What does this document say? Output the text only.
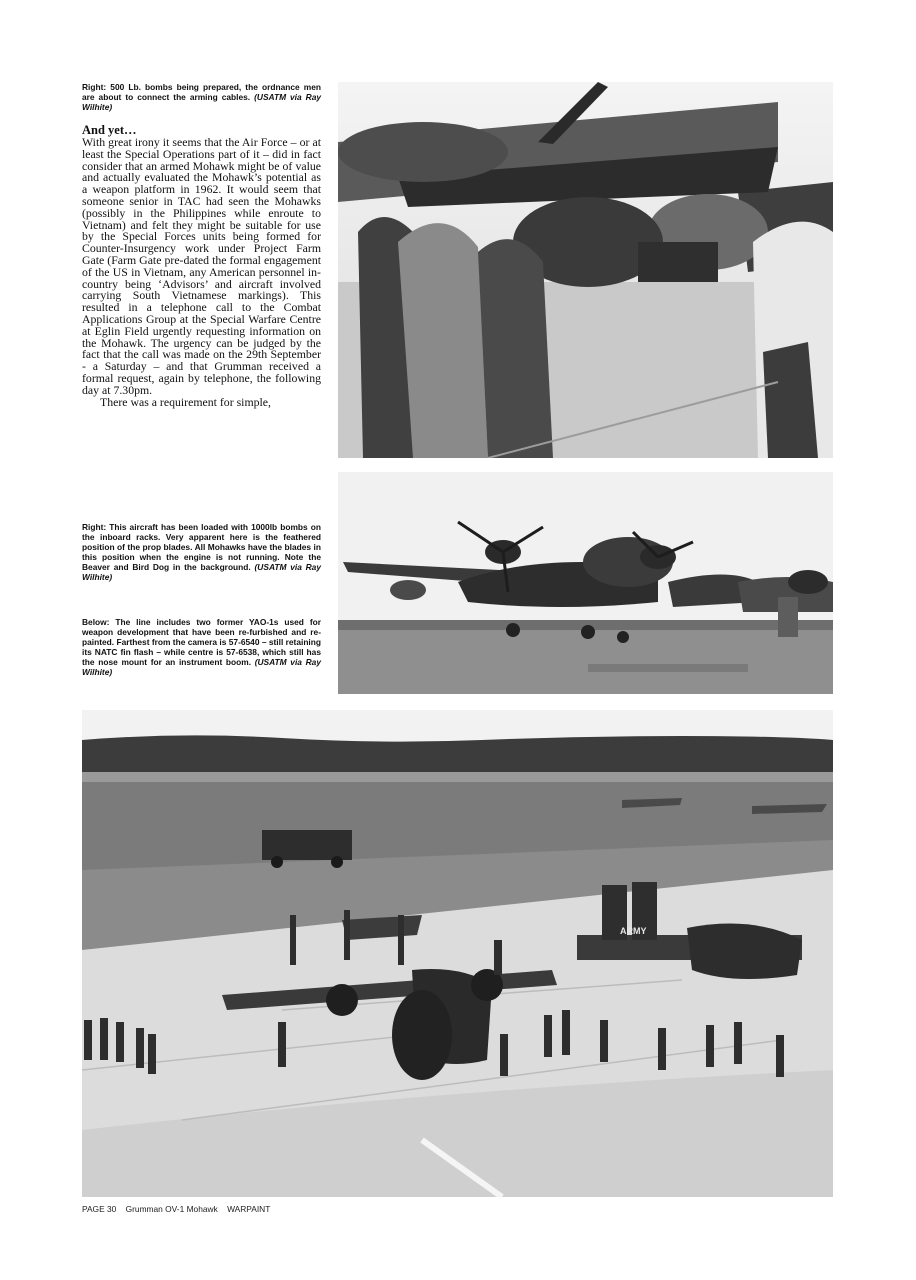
Right: 500 Lb. bombs being prepared, the ordnance men are about to connect the arming cables. (USATM via Ray Wilhite)
And yet…

With great irony it seems that the Air Force – or at least the Special Operations part of it – did in fact consider that an armed Mohawk might be of value and actually evaluated the Mohawk’s potential as a weapon platform in 1962. It would seem that someone senior in TAC had seen the Mohawks (possibly in the Philippines while enroute to Vietnam) and felt they might be suitable for use by the Special Forces units being formed for Counter-Insurgency work under Project Farm Gate (Farm Gate pre-dated the formal engagement of the US in Vietnam, any American personnel in-country being ‘Advisors’ and aircraft involved carrying South Vietnamese markings). This resulted in a telephone call to the Combat Applications Group at the Special Warfare Centre at Eglin Field urgently requesting information on the Mohawk. The urgency can be judged by the fact that the call was made on the 29th September - a Saturday – and that Grumman received a formal request, again by telephone, the following day at 7.30pm.

There was a requirement for simple,

Right: This aircraft has been loaded with 1000lb bombs on the inboard racks. Very apparent here is the feathered position of the prop blades. All Mohawks have the blades in this position when the engine is not running. Note the Beaver and Bird Dog in the background. (USATM via Ray Wilhite)
Below: The line includes two former YAO-1s used for weapon development that have been re-furbished and re-painted. Farthest from the camera is 57-6540 – still retaining its NATC fin flash – while centre is 57-6538, which still has the nose mount for an instrument boom. (USATM via Ray Wilhite)
ARMY
PAGE 30 Grumman OV-1 Mohawk WARPAINT
